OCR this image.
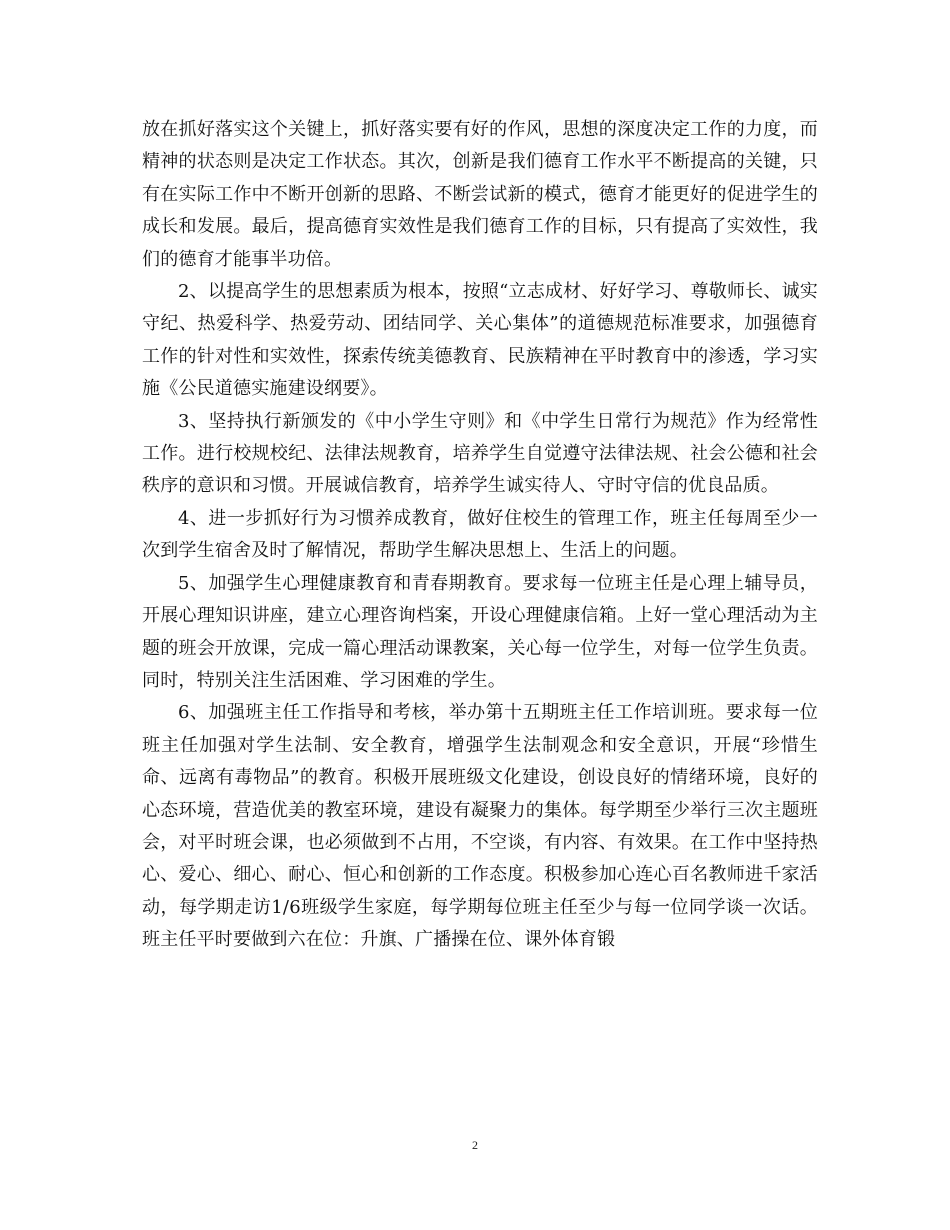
放在抓好落实这个关键上，抓好落实要有好的作风，思想的深度决定工作的力度，而精神的状态则是决定工作状态。其次，创新是我们德育工作水平不断提高的关键，只有在实际工作中不断开创新的思路、不断尝试新的模式，德育才能更好的促进学生的成长和发展。最后，提高德育实效性是我们德育工作的目标，只有提高了实效性，我们的德育才能事半功倍。

2、以提高学生的思想素质为根本，按照“立志成材、好好学习、尊敬师长、诚实守纪、热爱科学、热爱劳动、团结同学、关心集体”的道德规范标准要求，加强德育工作的针对性和实效性，探索传统美德教育、民族精神在平时教育中的渗透，学习实施《公民道德实施建设纲要》。

3、坚持执行新颁发的《中小学生守则》和《中学生日常行为规范》作为经常性工作。进行校规校纪、法律法规教育，培养学生自觉遵守法律法规、社会公德和社会秩序的意识和习惯。开展诚信教育，培养学生诚实待人、守时守信的优良品质。

4、进一步抓好行为习惯养成教育，做好住校生的管理工作，班主任每周至少一次到学生宿舍及时了解情况，帮助学生解决思想上、生活上的问题。

5、加强学生心理健康教育和青春期教育。要求每一位班主任是心理上辅导员，开展心理知识讲座，建立心理咨询档案，开设心理健康信箱。上好一堂心理活动为主题的班会开放课，完成一篇心理活动课教案，关心每一位学生，对每一位学生负责。同时，特别关注生活困难、学习困难的学生。

6、加强班主任工作指导和考核，举办第十五期班主任工作培训班。要求每一位班主任加强对学生法制、安全教育，增强学生法制观念和安全意识，开展“珍惜生命、远离有毒物品”的教育。积极开展班级文化建设，创设良好的情绪环境，良好的心态环境，营造优美的教室环境，建设有凝聚力的集体。每学期至少举行三次主题班会，对平时班会课，也必须做到不占用，不空谈，有内容、有效果。在工作中坚持热心、爱心、细心、耐心、恒心和创新的工作态度。积极参加心连心百名教师进千家活动，每学期走访1/6班级学生家庭，每学期每位班主任至少与每一位同学谈一次话。班主任平时要做到六在位：升旗、广播操在位、课外体育锻

2
